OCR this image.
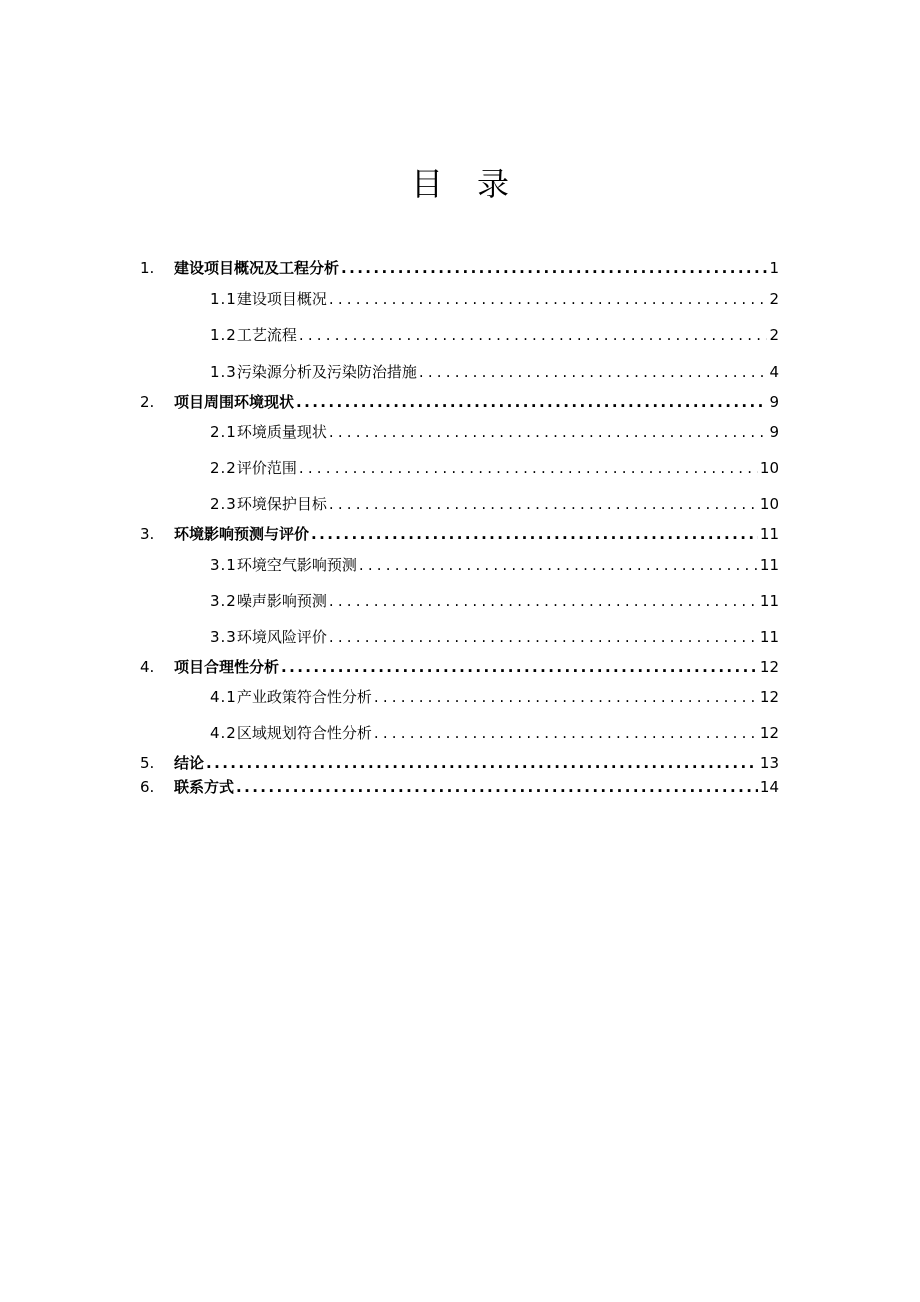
目 录
1.	建设项目概况及工程分析 .....	1
1.1 建设项目概况 .....	2
1.2 工艺流程 .....	2
1.3 污染源分析及污染防治措施 .....	4
2.	项目周围环境现状 .....	9
2.1 环境质量现状 .....	9
2.2 评价范围 .....	10
2.3 环境保护目标 .....	10
3.	环境影响预测与评价 .....	11
3.1 环境空气影响预测 .....	11
3.2 噪声影响预测 .....	11
3.3 环境风险评价 .....	11
4.	项目合理性分析 .....	12
4.1 产业政策符合性分析 .....	12
4.2 区域规划符合性分析 .....	12
5.	结论 .....	13
6.	联系方式 .....	14
